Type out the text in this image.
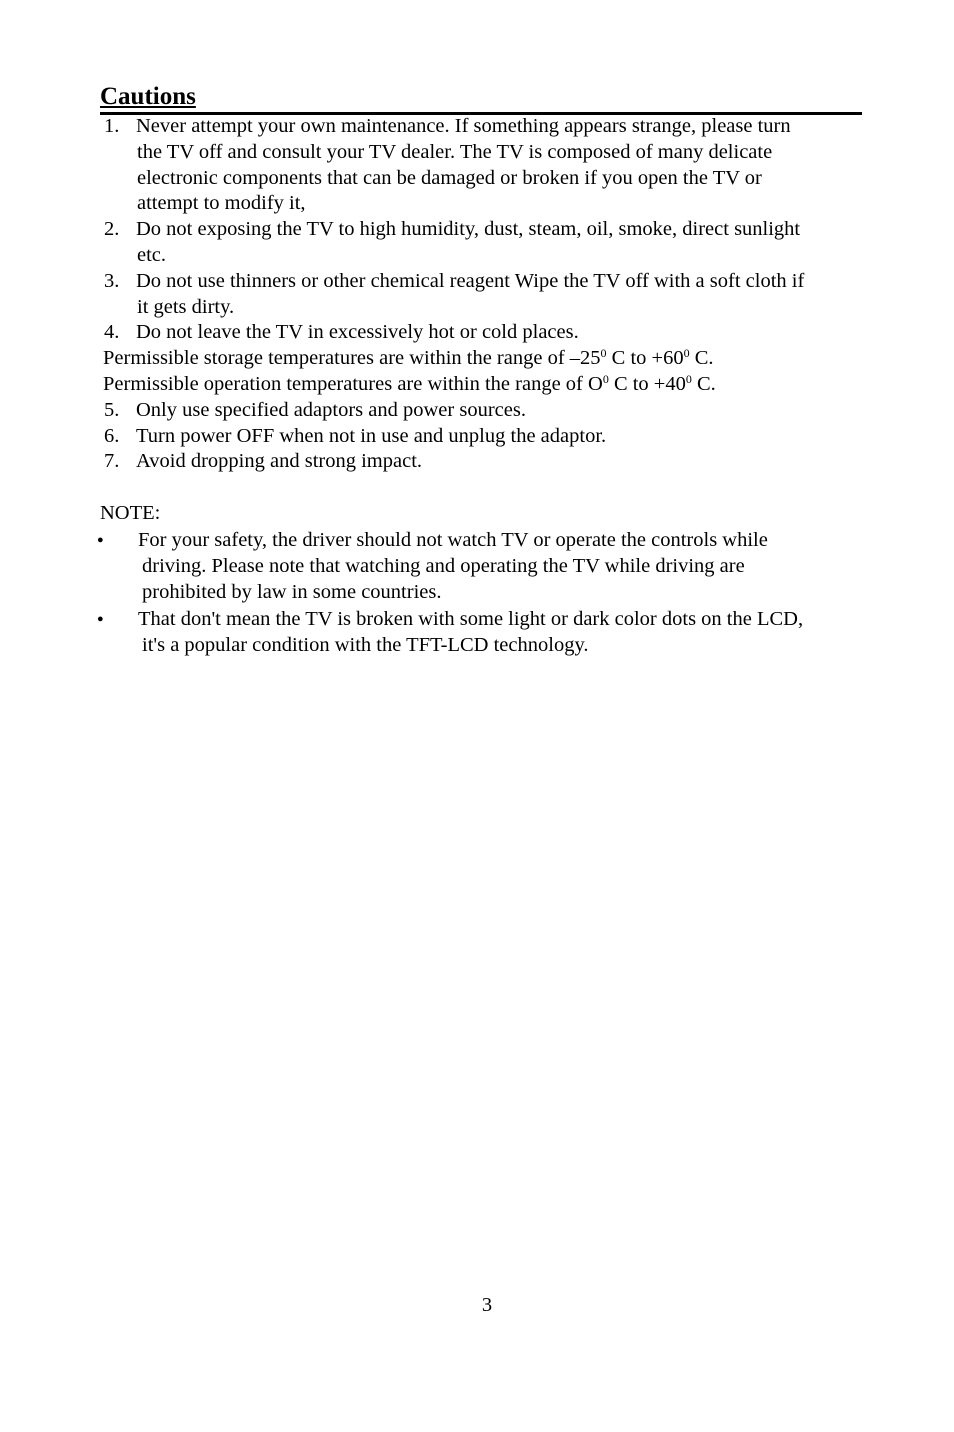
Cautions
1. Never attempt your own maintenance. If something appears strange, please turn
the TV off and consult your TV dealer. The TV is composed of many delicate
electronic components that can be damaged or broken if you open the TV or
attempt to modify it,
2. Do not exposing the TV to high humidity, dust, steam, oil, smoke, direct sunlight
etc.
3. Do not use thinners or other chemical reagent Wipe the TV off with a soft cloth if
it gets dirty.
4. Do not leave the TV in excessively hot or cold places.
Permissible storage temperatures are within the range of $-25^0$ C to $+60^0$ C.
Permissible operation temperatures are within the range of $O^0$ C to $+40^0$ C.
5. Only use specified adaptors and power sources.
6. Turn power OFF when not in use and unplug the adaptor.
7. Avoid dropping and strong impact.
NOTE:
● For your safety, the driver should not watch TV or operate the controls while
driving. Please note that watching and operating the TV while driving are
prohibited by law in some countries.
● That don't mean the TV is broken with some light or dark color dots on the LCD,
it's a popular condition with the TFT-LCD technology.
3
